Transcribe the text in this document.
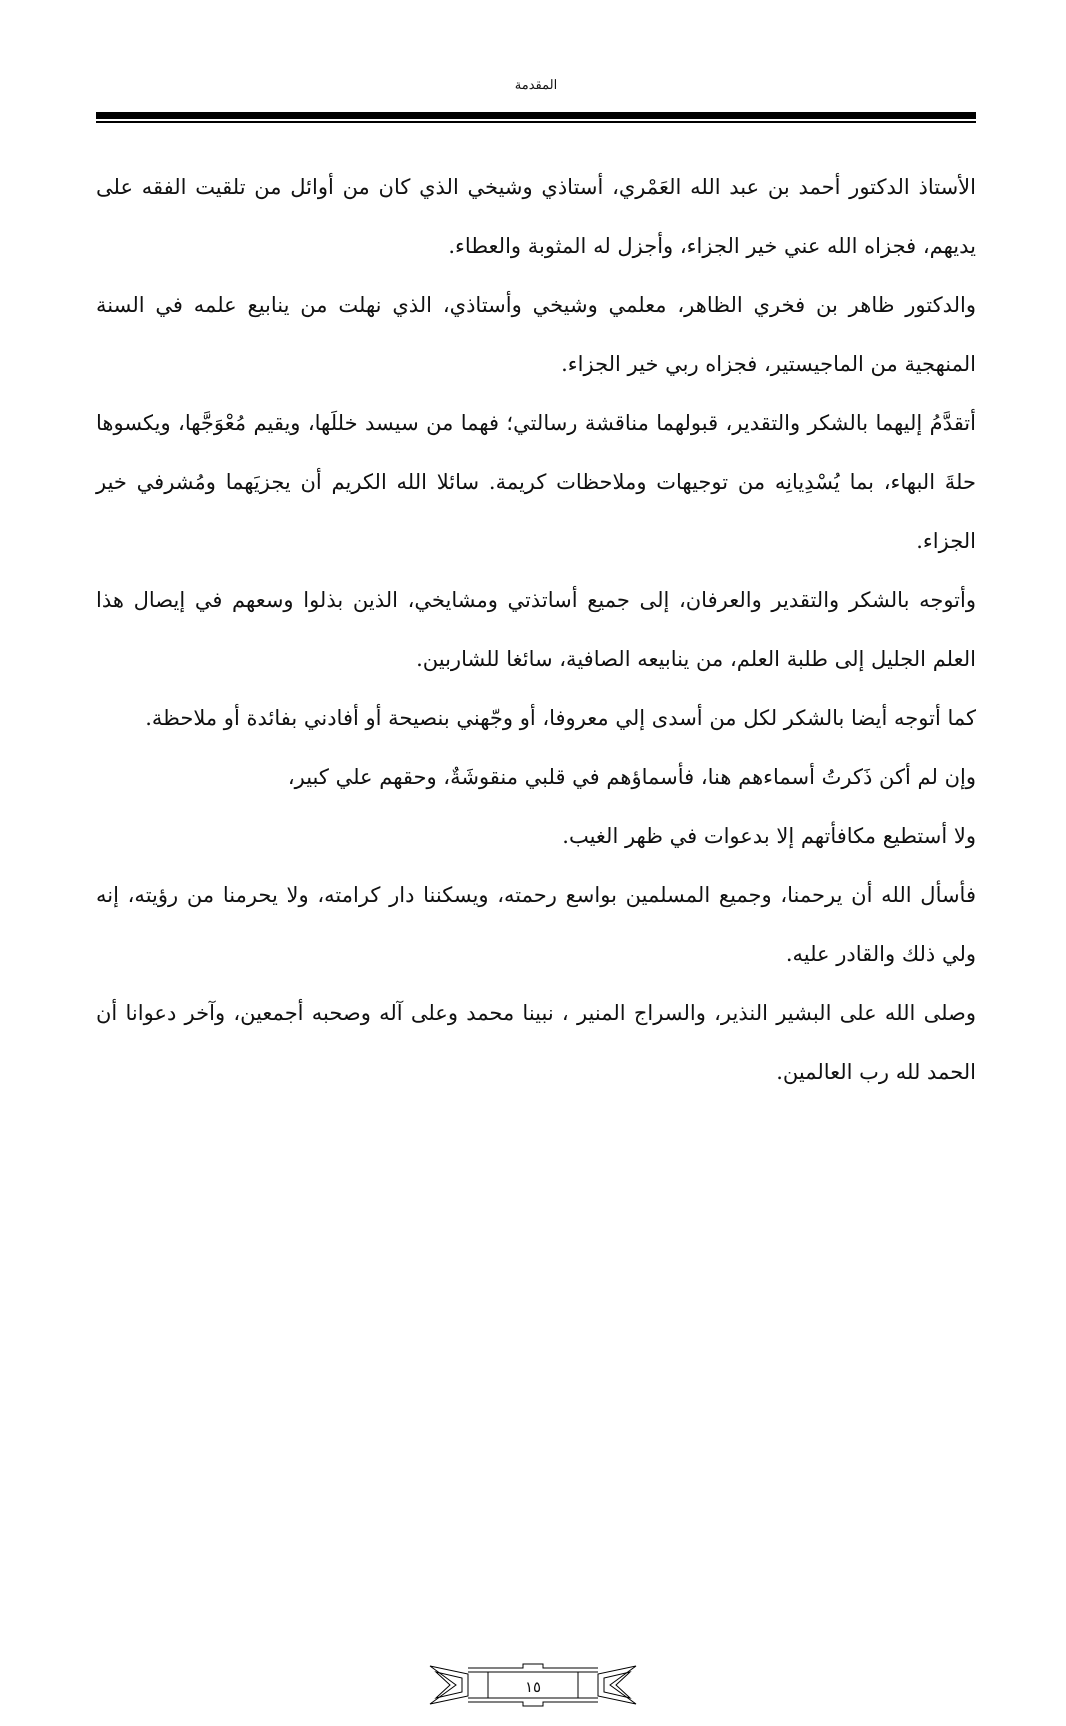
المقدمة

الأستاذ الدكتور أحمد بن عبد الله العَمْري، أستاذي وشيخي الذي كان من أوائل من تلقيت الفقه على يديهم، فجزاه الله عني خير الجزاء، وأجزل له المثوبة والعطاء.

والدكتور ظاهر بن فخري الظاهر، معلمي وشيخي وأستاذي، الذي نهلت من ينابيع علمه في السنة المنهجية من الماجيستير، فجزاه ربي خير الجزاء.

أتقدَّمُ إليهما بالشكر والتقدير، قبولهما مناقشة رسالتي؛ فهما من سيسد خللَها، ويقيم مُعْوَجَّها، ويكسوها حلةَ البهاء، بما يُسْدِيانِه من توجيهات وملاحظات كريمة. سائلا الله الكريم أن يجزيَهما ومُشرفي خير الجزاء.

وأتوجه بالشكر والتقدير والعرفان، إلى جميع أساتذتي ومشايخي، الذين بذلوا وسعهم في إيصال هذا العلم الجليل إلى طلبة العلم، من ينابيعه الصافية، سائغا للشاربين.

كما أتوجه أيضا بالشكر لكل من أسدى إلي معروفا، أو وجّهني بنصيحة أو أفادني بفائدة أو ملاحظة.

وإن لم أكن ذَكرتُ أسماءهم هنا، فأسماؤهم في قلبي منقوشَةٌ، وحقهم علي كبير،

ولا أستطيع مكافأتهم إلا بدعوات في ظهر الغيب.

فأسأل الله أن يرحمنا، وجميع المسلمين بواسع رحمته، ويسكننا دار كرامته، ولا يحرمنا من رؤيته، إنه ولي ذلك والقادر عليه.

وصلى الله على البشير النذير، والسراج المنير ، نبينا محمد وعلى آله وصحبه أجمعين، وآخر دعوانا أن الحمد لله رب العالمين.

١٥
